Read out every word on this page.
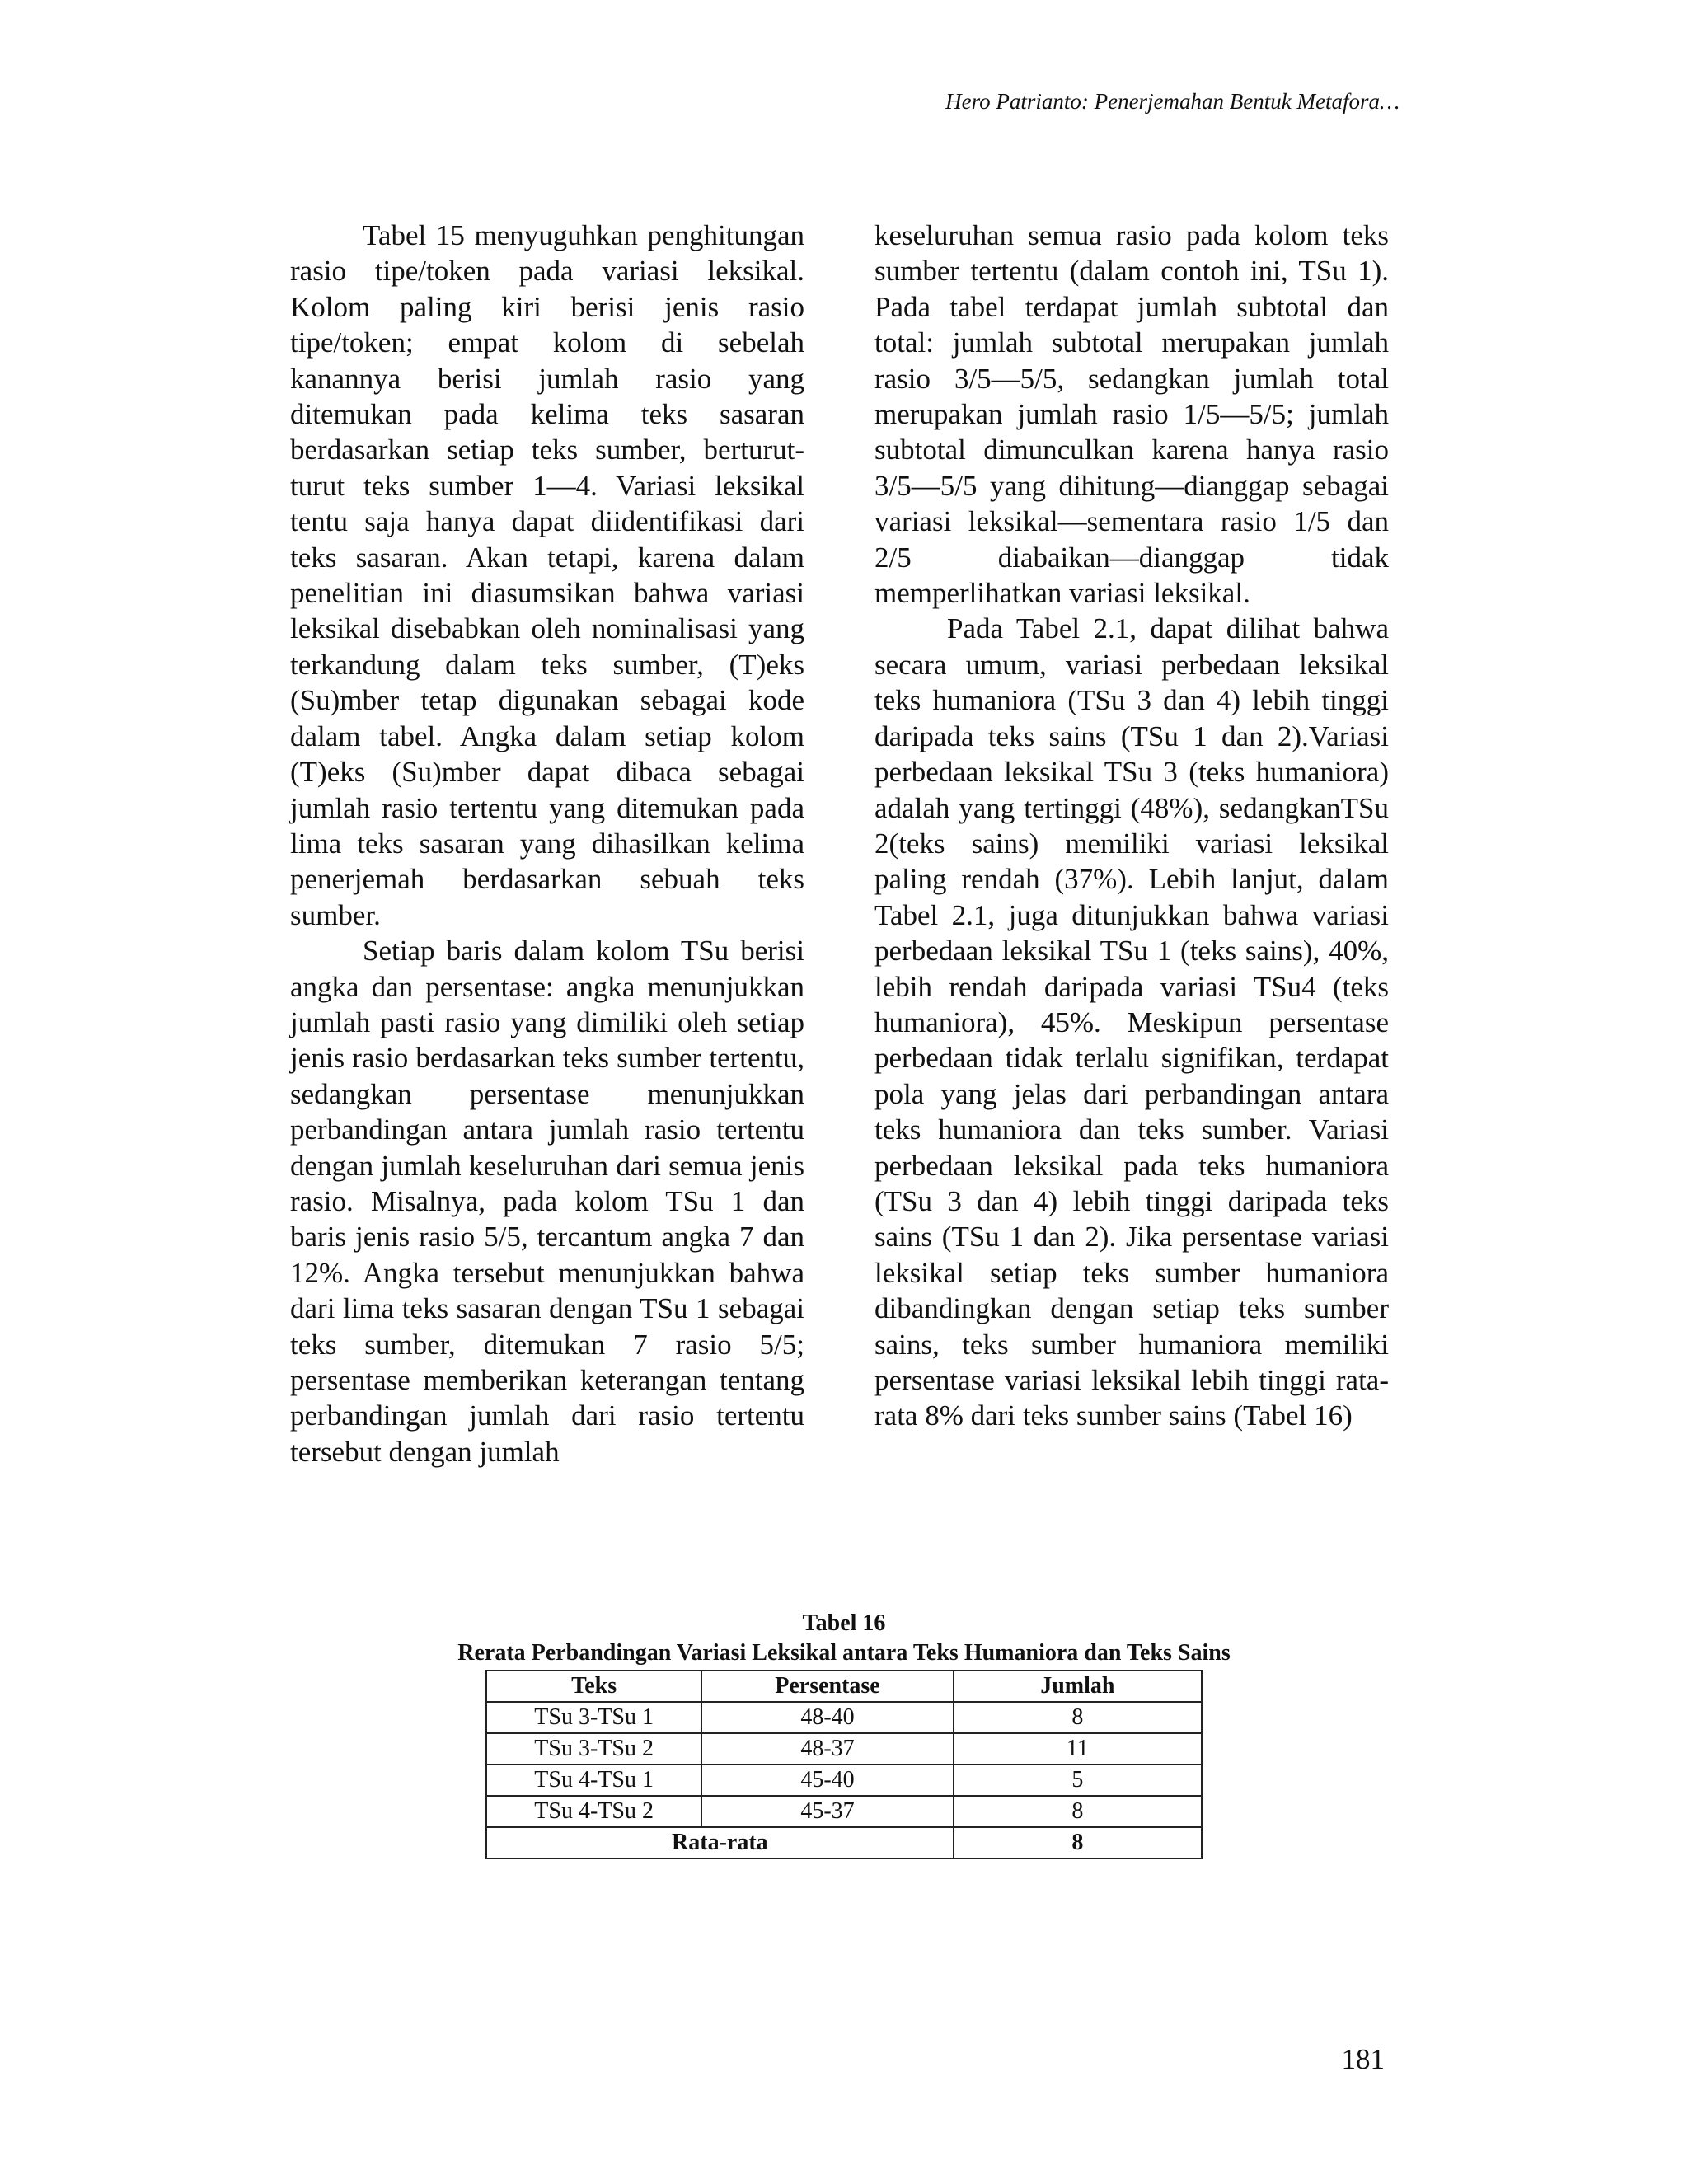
Hero Patrianto: Penerjemahan Bentuk Metafora…

Tabel 15 menyuguhkan penghitungan rasio tipe/token pada variasi leksikal. Kolom paling kiri berisi jenis rasio tipe/token; empat kolom di sebelah kanannya berisi jumlah rasio yang ditemukan pada kelima teks sasaran berdasarkan setiap teks sumber, berturut-turut teks sumber 1—4. Variasi leksikal tentu saja hanya dapat diidentifikasi dari teks sasaran. Akan tetapi, karena dalam penelitian ini diasumsikan bahwa variasi leksikal disebabkan oleh nominalisasi yang terkandung dalam teks sumber, (T)eks (Su)mber tetap digunakan sebagai kode dalam tabel. Angka dalam setiap kolom (T)eks (Su)mber dapat dibaca sebagai jumlah rasio tertentu yang ditemukan pada lima teks sasaran yang dihasilkan kelima penerjemah berdasarkan sebuah teks sumber.

Setiap baris dalam kolom TSu berisi angka dan persentase: angka menunjukkan jumlah pasti rasio yang dimiliki oleh setiap jenis rasio berdasarkan teks sumber tertentu, sedangkan persentase menunjukkan perbandingan antara jumlah rasio tertentu dengan jumlah keseluruhan dari semua jenis rasio. Misalnya, pada kolom TSu 1 dan baris jenis rasio 5/5, tercantum angka 7 dan 12%. Angka tersebut menunjukkan bahwa dari lima teks sasaran dengan TSu 1 sebagai teks sumber, ditemukan 7 rasio 5/5; persentase memberikan keterangan tentang perbandingan jumlah dari rasio tertentu tersebut dengan jumlah

keseluruhan semua rasio pada kolom teks sumber tertentu (dalam contoh ini, TSu 1). Pada tabel terdapat jumlah subtotal dan total: jumlah subtotal merupakan jumlah rasio 3/5—5/5, sedangkan jumlah total merupakan jumlah rasio 1/5—5/5; jumlah subtotal dimunculkan karena hanya rasio 3/5—5/5 yang dihitung—dianggap sebagai variasi leksikal—sementara rasio 1/5 dan 2/5 diabaikan—dianggap tidak memperlihatkan variasi leksikal.

Pada Tabel 2.1, dapat dilihat bahwa secara umum, variasi perbedaan leksikal teks humaniora (TSu 3 dan 4) lebih tinggi daripada teks sains (TSu 1 dan 2).Variasi perbedaan leksikal TSu 3 (teks humaniora) adalah yang tertinggi (48%), sedangkanTSu 2(teks sains) memiliki variasi leksikal paling rendah (37%). Lebih lanjut, dalam Tabel 2.1, juga ditunjukkan bahwa variasi perbedaan leksikal TSu 1 (teks sains), 40%, lebih rendah daripada variasi TSu4 (teks humaniora), 45%. Meskipun persentase perbedaan tidak terlalu signifikan, terdapat pola yang jelas dari perbandingan antara teks humaniora dan teks sumber. Variasi perbedaan leksikal pada teks humaniora (TSu 3 dan 4) lebih tinggi daripada teks sains (TSu 1 dan 2). Jika persentase variasi leksikal setiap teks sumber humaniora dibandingkan dengan setiap teks sumber sains, teks sumber humaniora memiliki persentase variasi leksikal lebih tinggi rata-rata 8% dari teks sumber sains (Tabel 16)

Tabel 16

Rerata Perbandingan Variasi Leksikal antara Teks Humaniora dan Teks Sains

Teks	Persentase	Jumlah
TSu 3-TSu 1	48-40	8
TSu 3-TSu 2	48-37	11
TSu 4-TSu 1	45-40	5
TSu 4-TSu 2	45-37	8
Rata-rata		8
181
